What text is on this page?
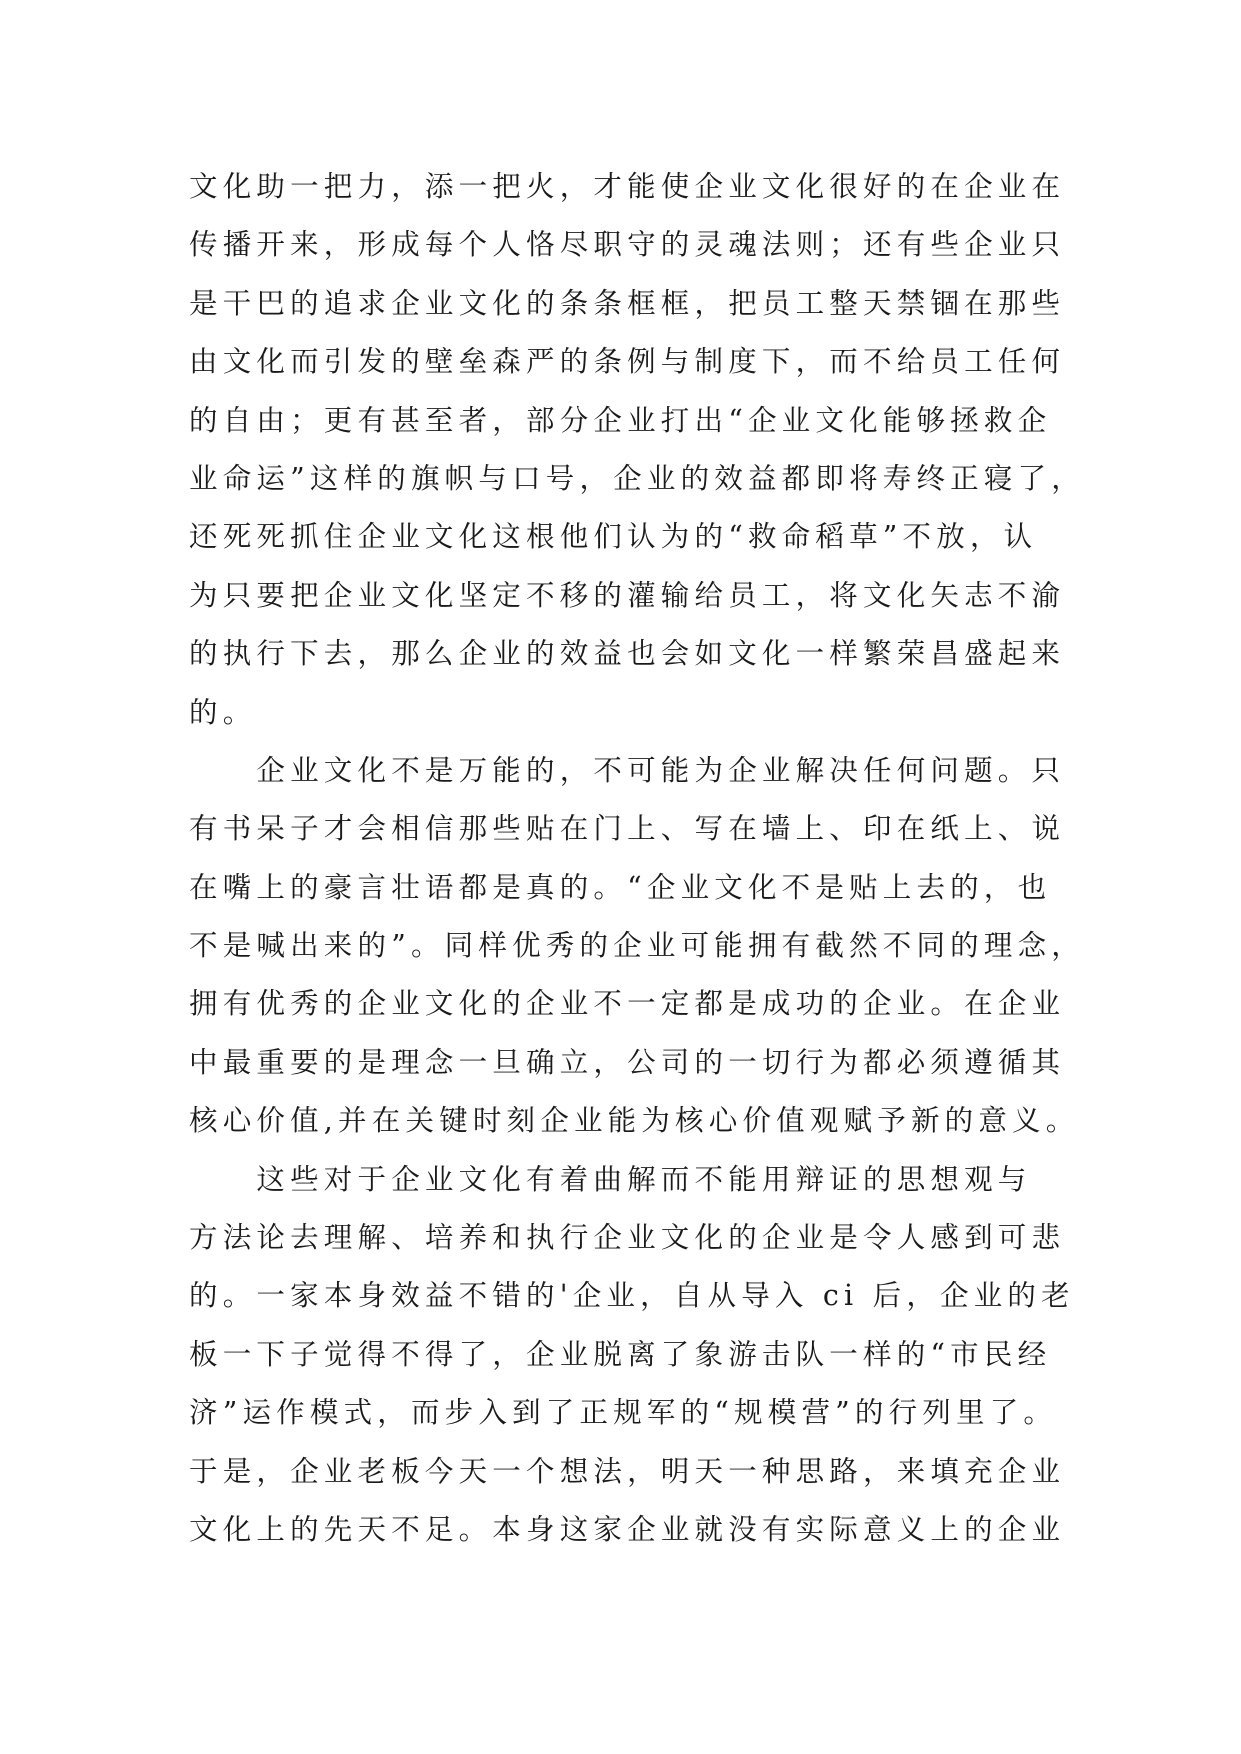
文化助一把力，添一把火，才能使企业文化很好的在企业在
传播开来，形成每个人恪尽职守的灵魂法则；还有些企业只
是干巴的追求企业文化的条条框框，把员工整天禁锢在那些
由文化而引发的壁垒森严的条例与制度下，而不给员工任何
的自由；更有甚至者，部分企业打出“企业文化能够拯救企
业命运”这样的旗帜与口号，企业的效益都即将寿终正寝了，
还死死抓住企业文化这根他们认为的“救命稻草”不放，认
为只要把企业文化坚定不移的灌输给员工，将文化矢志不渝
的执行下去，那么企业的效益也会如文化一样繁荣昌盛起来
的。
　　企业文化不是万能的，不可能为企业解决任何问题。只
有书呆子才会相信那些贴在门上、写在墙上、印在纸上、说
在嘴上的豪言壮语都是真的。“企业文化不是贴上去的，也
不是喊出来的”。同样优秀的企业可能拥有截然不同的理念，
拥有优秀的企业文化的企业不一定都是成功的企业。在企业
中最重要的是理念一旦确立，公司的一切行为都必须遵循其
核心价值,并在关键时刻企业能为核心价值观赋予新的意义。
　　这些对于企业文化有着曲解而不能用辩证的思想观与
方法论去理解、培养和执行企业文化的企业是令人感到可悲
的。一家本身效益不错的'企业，自从导入 ci 后，企业的老
板一下子觉得不得了，企业脱离了象游击队一样的“市民经
济”运作模式，而步入到了正规军的“规模营”的行列里了。
于是，企业老板今天一个想法，明天一种思路，来填充企业
文化上的先天不足。本身这家企业就没有实际意义上的企业
